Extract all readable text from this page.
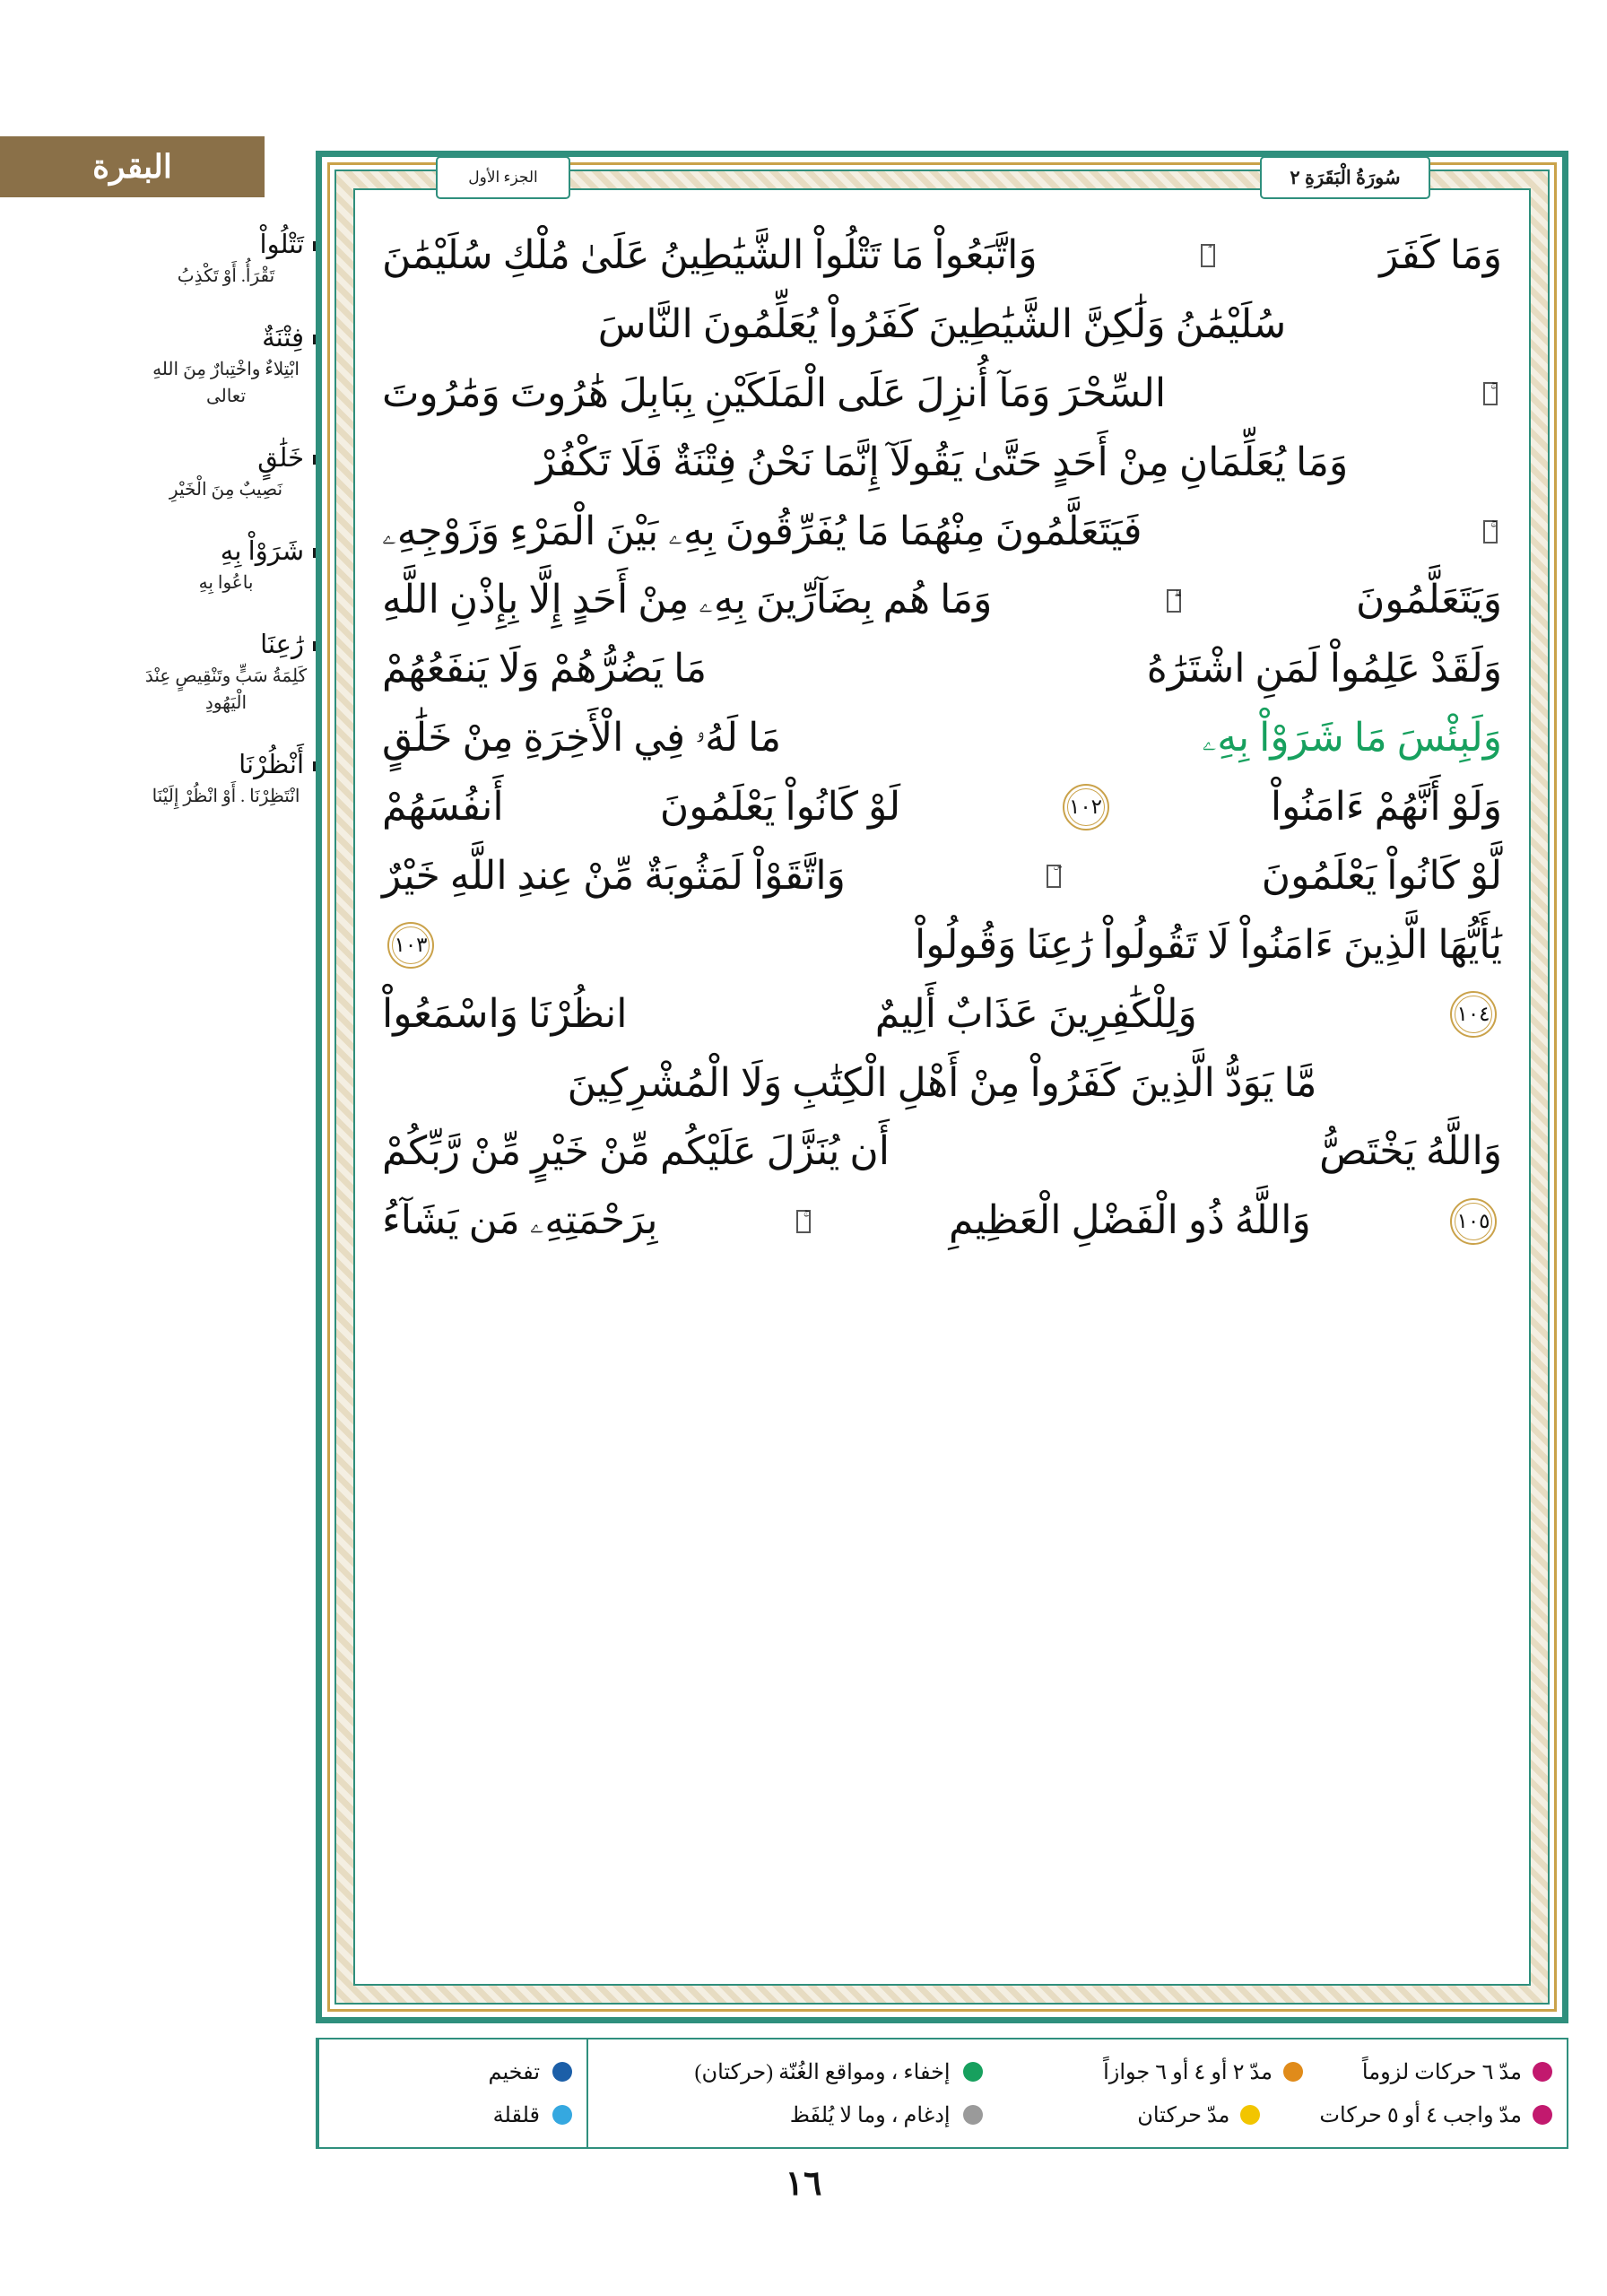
البقرة
تَتْلُواْ
تَقْرَأُ. أَوْ تَكْذِبُ
فِتْنَةٌ
ابْتِلاءٌ واخْتِبارٌ مِنَ اللهِ تعالى
خَلَٰقٍ
نَصِيبٌ مِنَ الْخَيْرِ
شَرَوْاْ بِهِ
باعُوا بِهِ
رَٰعِنَا
كَلِمَةُ سَبٍّ وتَنْقِيصٍ عِنْدَ الْيَهُودِ
أَنْظُرْنَا
انْتَظِرْنَا . أَوْ انْظُرْ إِلَيْنَا
سُورَةُ الْبَقَرَةِ ٢
الجزء الأول
وَمَا كَفَرَ
وَاتَّبَعُواْ مَا تَتْلُواْ الشَّيَٰطِينُ عَلَىٰ مُلْكِ سُلَيْمَٰنَ
سُلَيْمَٰنُ وَلَٰكِنَّ الشَّيَٰطِينَ كَفَرُواْ يُعَلِّمُونَ النَّاسَ
السِّحْرَ وَمَآ أُنزِلَ عَلَى الْمَلَكَيْنِ بِبَابِلَ هَٰرُوتَ وَمَٰرُوتَ
وَمَا يُعَلِّمَانِ مِنْ أَحَدٍ حَتَّىٰ يَقُولَآ إِنَّمَا نَحْنُ فِتْنَةٌ فَلَا تَكْفُرْ
فَيَتَعَلَّمُونَ مِنْهُمَا مَا يُفَرِّقُونَ بِهِۦ بَيْنَ الْمَرْءِ وَزَوْجِهِۦ
وَيَتَعَلَّمُونَ
وَمَا هُم بِضَآرِّينَ بِهِۦ مِنْ أَحَدٍ إِلَّا بِإِذْنِ اللَّهِ
وَلَقَدْ عَلِمُواْ لَمَنِ اشْتَرَٰهُ
مَا يَضُرُّهُمْ وَلَا يَنفَعُهُمْ
وَلَبِئْسَ مَا شَرَوْاْ بِهِۦ
مَا لَهُۥ فِي الْأَخِرَةِ مِنْ خَلَٰقٍ
وَلَوْ أَنَّهُمْ ءَامَنُواْ
١٠٢
لَوْ كَانُواْ يَعْلَمُونَ
أَنفُسَهُمْ
لَّوْ كَانُواْ يَعْلَمُونَ
وَاتَّقَوْاْ لَمَثُوبَةٌ مِّنْ عِندِ اللَّهِ خَيْرٌ
يَٰأَيُّهَا الَّذِينَ ءَامَنُواْ لَا تَقُولُواْ رَٰعِنَا وَقُولُواْ
١٠٣
١٠٤
وَلِلْكَٰفِرِينَ عَذَابٌ أَلِيمٌ
انظُرْنَا وَاسْمَعُواْ
مَّا يَوَدُّ الَّذِينَ كَفَرُواْ مِنْ أَهْلِ الْكِتَٰبِ وَلَا الْمُشْرِكِينَ
وَاللَّهُ يَخْتَصُّ
أَن يُنَزَّلَ عَلَيْكُم مِّنْ خَيْرٍ مِّنْ رَّبِّكُمْ
١٠٥
وَاللَّهُ ذُو الْفَضْلِ الْعَظِيمِ
بِرَحْمَتِهِۦ مَن يَشَآءُ
مدّ ٦ حركات لزوماً
مدّ ٢ أو ٤ أو ٦ جوازاً
مدّ واجب ٤ أو ٥ حركات
مدّ حركتان
إخفاء ، ومواقع الغُنّة (حركتان)
إدغام ، وما لا يُلفَظ
تفخيم
قلقلة
١٦
